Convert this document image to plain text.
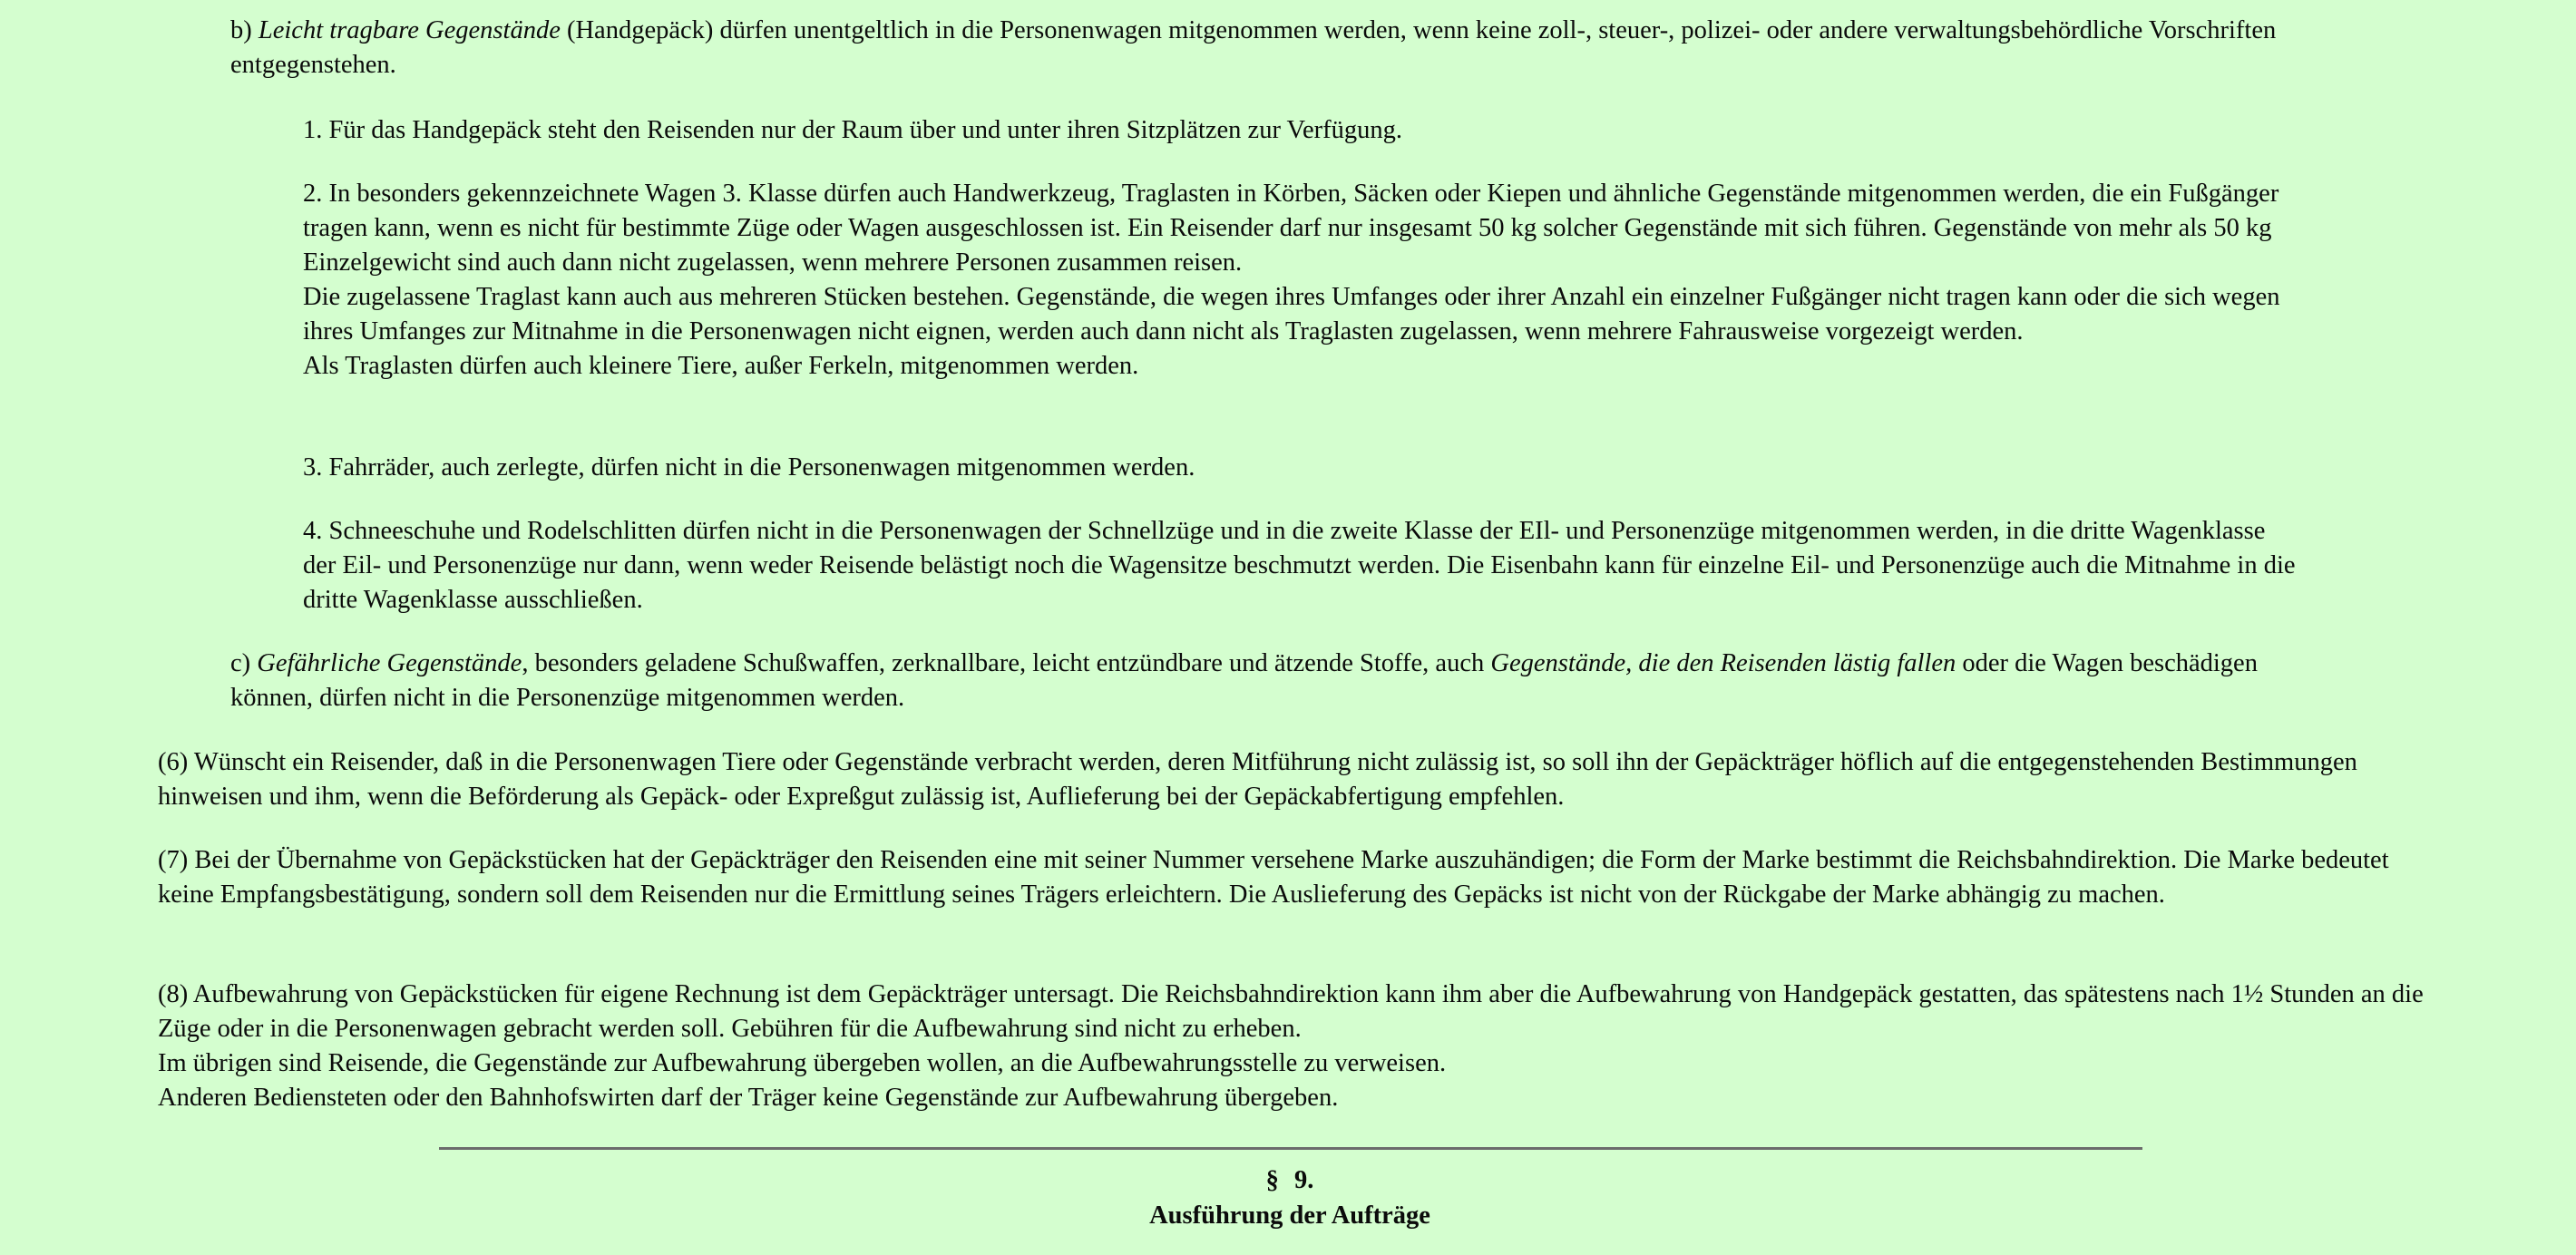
b) Leicht tragbare Gegenstände (Handgepäck) dürfen unentgeltlich in die Personenwagen mitgenommen werden, wenn keine zoll-, steuer-, polizei- oder andere verwaltungsbehördliche Vorschriften entgegenstehen.

1. Für das Handgepäck steht den Reisenden nur der Raum über und unter ihren Sitzplätzen zur Verfügung.
2. In besonders gekennzeichnete Wagen 3. Klasse dürfen auch Handwerkzeug, Traglasten in Körben, Säcken oder Kiepen und ähnliche Gegenstände mitgenommen werden, die ein Fußgänger tragen kann, wenn es nicht für bestimmte Züge oder Wagen ausgeschlossen ist. Ein Reisender darf nur insgesamt 50 kg solcher Gegenstände mit sich führen. Gegenstände von mehr als 50 kg Einzelgewicht sind auch dann nicht zugelassen, wenn mehrere Personen zusammen reisen.
Die zugelassene Traglast kann auch aus mehreren Stücken bestehen. Gegenstände, die wegen ihres Umfanges oder ihrer Anzahl ein einzelner Fußgänger nicht tragen kann oder die sich wegen ihres Umfanges zur Mitnahme in die Personenwagen nicht eignen, werden auch dann nicht als Traglasten zugelassen, wenn mehrere Fahrausweise vorgezeigt werden.
Als Traglasten dürfen auch kleinere Tiere, außer Ferkeln, mitgenommen werden.
3. Fahrräder, auch zerlegte, dürfen nicht in die Personenwagen mitgenommen werden.
4. Schneeschuhe und Rodelschlitten dürfen nicht in die Personenwagen der Schnellzüge und in die zweite Klasse der EIl- und Personenzüge mitgenommen werden, in die dritte Wagenklasse der Eil- und Personenzüge nur dann, wenn weder Reisende belästigt noch die Wagensitze beschmutzt werden. Die Eisenbahn kann für einzelne Eil- und Personenzüge auch die Mitnahme in die dritte Wagenklasse ausschließen.

c) Gefährliche Gegenstände, besonders geladene Schußwaffen, zerknallbare, leicht entzündbare und ätzende Stoffe, auch Gegenstände, die den Reisenden lästig fallen oder die Wagen beschädigen können, dürfen nicht in die Personenzüge mitgenommen werden.

(6) Wünscht ein Reisender, daß in die Personenwagen Tiere oder Gegenstände verbracht werden, deren Mitführung nicht zulässig ist, so soll ihn der Gepäckträger höflich auf die entgegenstehenden Bestimmungen hinweisen und ihm, wenn die Beförderung als Gepäck- oder Expreßgut zulässig ist, Auflieferung bei der Gepäckabfertigung empfehlen.
(7) Bei der Übernahme von Gepäckstücken hat der Gepäckträger den Reisenden eine mit seiner Nummer versehene Marke auszuhändigen; die Form der Marke bestimmt die Reichsbahndirektion. Die Marke bedeutet keine Empfangsbestätigung, sondern soll dem Reisenden nur die Ermittlung seines Trägers erleichtern. Die Auslieferung des Gepäcks ist nicht von der Rückgabe der Marke abhängig zu machen.
(8) Aufbewahrung von Gepäckstücken für eigene Rechnung ist dem Gepäckträger untersagt. Die Reichsbahndirektion kann ihm aber die Aufbewahrung von Handgepäck gestatten, das spätestens nach 1½ Stunden an die Züge oder in die Personenwagen gebracht werden soll. Gebühren für die Aufbewahrung sind nicht zu erheben.
Im übrigen sind Reisende, die Gegenstände zur Aufbewahrung übergeben wollen, an die Aufbewahrungsstelle zu verweisen.
Anderen Bediensteten oder den Bahnhofswirten darf der Träger keine Gegenstände zur Aufbewahrung übergeben.
§ 9.
Ausführung der Aufträge
